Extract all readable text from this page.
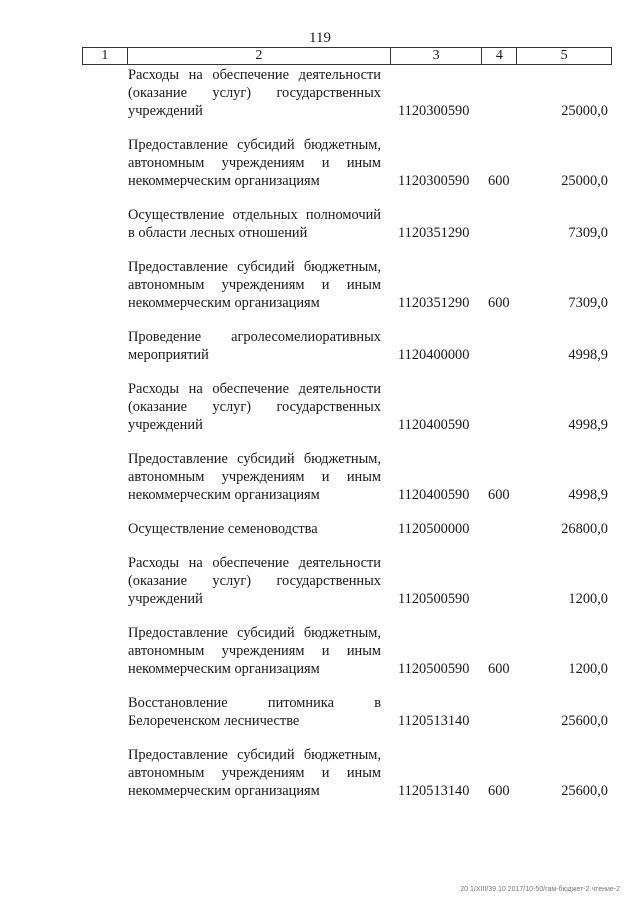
119
1	2	3	4	5
Расходы на обеспечение деятельности (оказание услуг) государственных учреждений	1120300590	25000,0
Предоставление субсидий бюджетным, автономным учреждениям и иным некоммерческим организациям	1120300590 600	25000,0
Осуществление отдельных полномочий в области лесных отношений	1120351290	7309,0
Предоставление субсидий бюджетным, автономным учреждениям и иным некоммерческим организациям	1120351290 600	7309,0
Проведение агролесомелиоративных мероприятий	1120400000	4998,9
Расходы на обеспечение деятельности (оказание услуг) государственных учреждений	1120400590	4998,9
Предоставление субсидий бюджетным, автономным учреждениям и иным некоммерческим организациям	1120400590 600	4998,9
Осуществление семеноводства	1120500000	26800,0
Расходы на обеспечение деятельности (оказание услуг) государственных учреждений	1120500590	1200,0
Предоставление субсидий бюджетным, автономным учреждениям и иным некоммерческим организациям	1120500590 600	1200,0
Восстановление питомника в Белореченском лесничестве	1120513140	25600,0
Предоставление субсидий бюджетным, автономным учреждениям и иным некоммерческим организациям	1120513140 600	25600,0
20 1/XIII/39 10 2017/10-50/гам-бюджет-2 чтение-2
